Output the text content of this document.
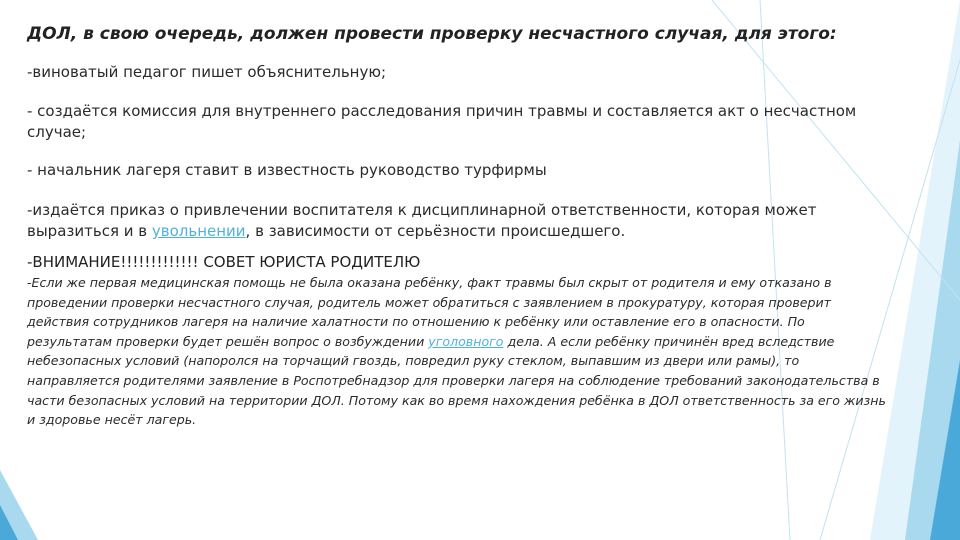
ДОЛ, в свою очередь, должен провести проверку несчастного случая, для этого:

-виноватый педагог пишет объяснительную;

- создаётся комиссия для внутреннего расследования причин травмы и составляется акт о несчастном случае;

- начальник лагеря ставит в известность руководство турфирмы

-издаётся приказ о привлечении воспитателя к дисциплинарной ответственности, которая может выразиться и в увольнении, в зависимости от серьёзности происшедшего.

-ВНИМАНИЕ!!!!!!!!!!!!! СОВЕТ ЮРИСТА РОДИТЕЛЮ

-Если же первая медицинская помощь не была оказана ребёнку, факт травмы был скрыт от родителя и ему отказано в проведении проверки несчастного случая, родитель может обратиться с заявлением в прокуратуру, которая проверит действия сотрудников лагеря на наличие халатности по отношению к ребёнку или оставление его в опасности. По результатам проверки будет решён вопрос о возбуждении уголовного дела. А если ребёнку причинён вред вследствие небезопасных условий (напоролся на торчащий гвоздь, повредил руку стеклом, выпавшим из двери или рамы), то направляется родителями заявление в Роспотребнадзор для проверки лагеря на соблюдение требований законодательства в части безопасных условий на территории ДОЛ. Потому как во время нахождения ребёнка в ДОЛ ответственность за его жизнь и здоровье несёт лагерь.
